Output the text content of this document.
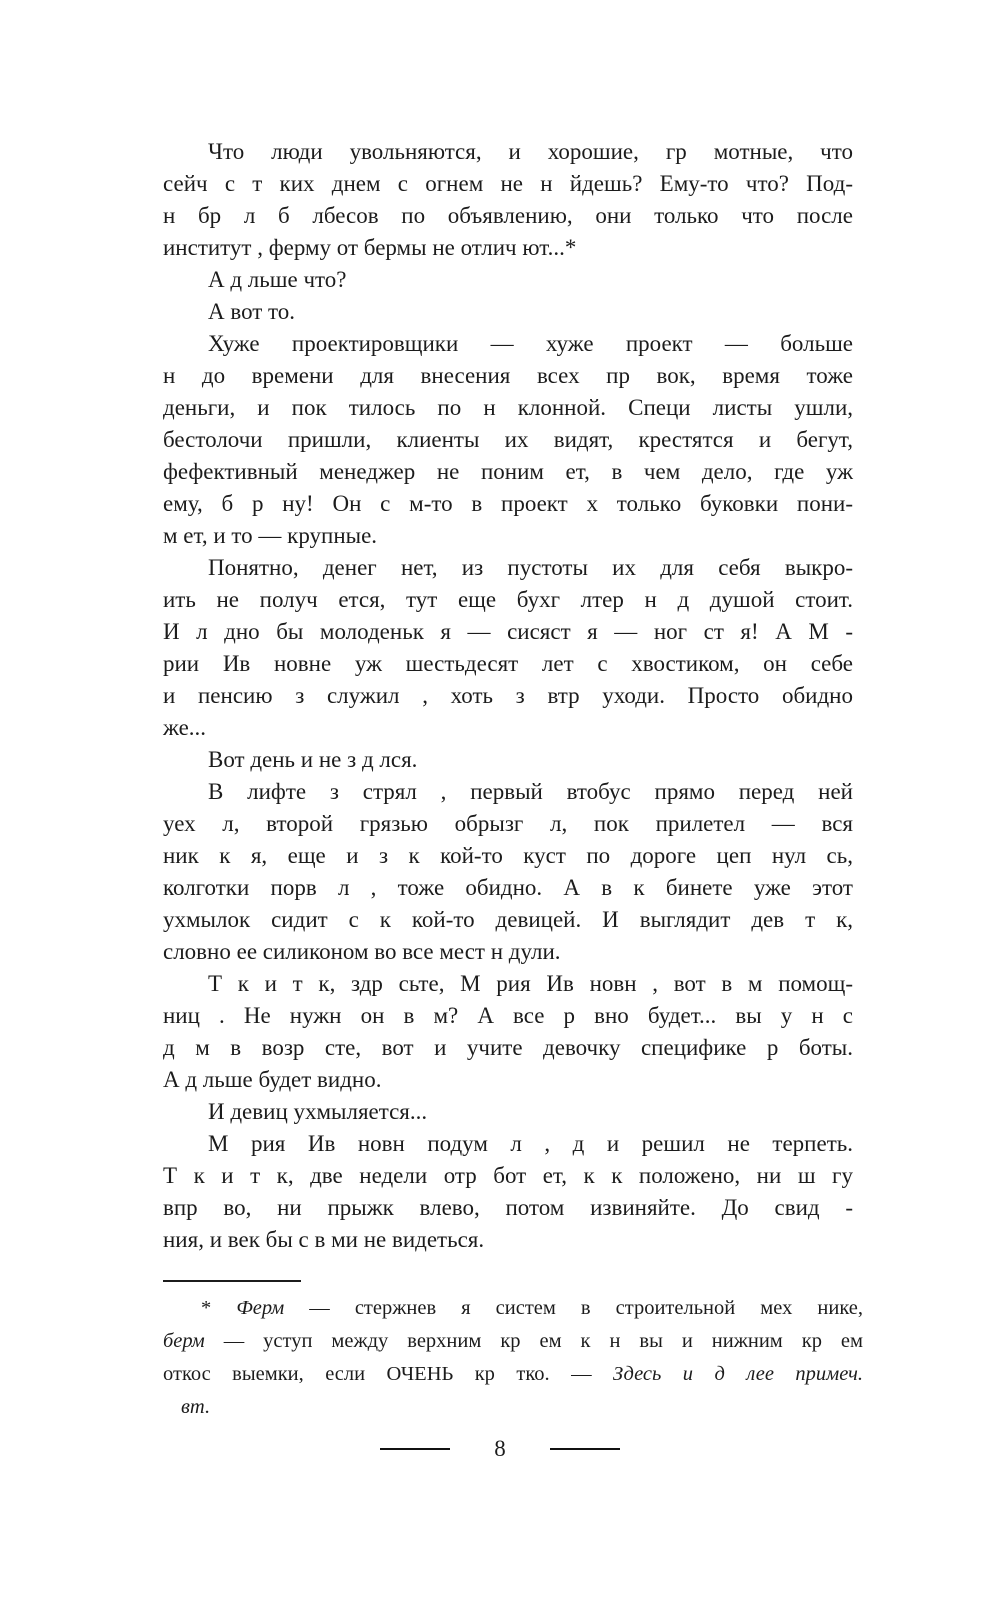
Что люди увольняются, и хорошие, гр мотные, что
сейч с т ких днем с огнем не н йдешь? Ему-то что? Под-
н бр л б лбесов по объявлению, они только что после
институт , ферму от бермы не отлич ют...*

А д льше что?

А вот то.

Хуже проектировщики — хуже проект — больше
н до времени для внесения всех пр вок, время тоже
деньги, и пок тилось по н клонной. Специ листы ушли,
бестолочи пришли, клиенты их видят, крестятся и бегут,
фефективный менеджер не поним ет, в чем дело, где уж
ему, б р ну! Он с м-то в проект х только буковки пони-
м ет, и то — крупные.

Понятно, денег нет, из пустоты их для себя выкро-
ить не получ ется, тут еще бухг лтер н д душой стоит.
И л дно бы молоденьк я — сисяст я — ног ст я! А М -
рии Ив новне уж шестьдесят лет с хвостиком, он себе
и пенсию з служил , хоть з втр уходи. Просто обидно
же...

Вот день и не з д лся.

В лифте з стрял , первый втобус прямо перед ней
уех л, второй грязью обрызг л, пок прилетел — вся
ник к я, еще и з к кой-то куст по дороге цеп нул сь,
колготки порв л , тоже обидно. А в к бинете уже этот
ухмылок сидит с к кой-то девицей. И выглядит дев т к,
словно ее силиконом во все мест н дули.

Т к и т к, здр сьте, М рия Ив новн , вот в м помощ-
ниц . Не нужн он в м? А все р вно будет... вы у н с
д м в возр сте, вот и учите девочку специфике р боты.
А д льше будет видно.

И девиц ухмыляется...

М рия Ив новн подум л , д и решил не терпеть.
Т к и т к, две недели отр бот ет, к к положено, ни ш гу
впр во, ни прыжк влево, потом извиняйте. До свид -
ния, и век бы с в ми не видеться.

* Ферм — стержнев я систем в строительной мех нике,
берм — уступ между верхним кр ем к н вы и нижним кр ем
откос выемки, если ОЧЕНЬ кр тко. — Здесь и д лее примеч.
вт.
8
